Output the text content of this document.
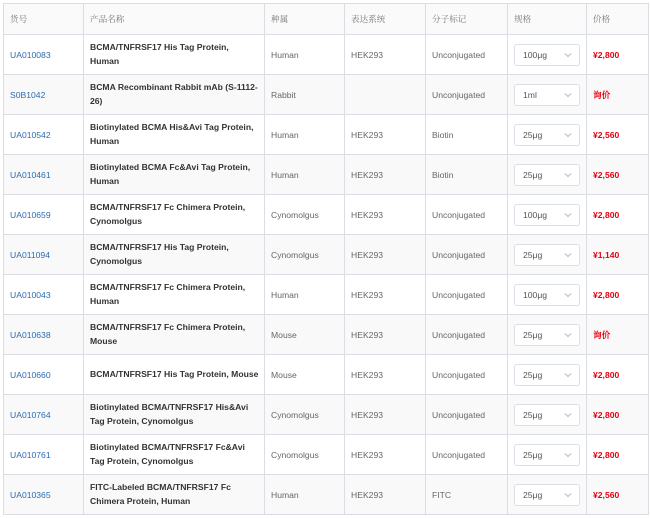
货号	产品名称	种属	表达系统	分子标记	规格	价格
UA010083	BCMA/TNFRSF17 His Tag Protein, Human	Human	HEK293	Unconjugated	100μg	¥2,800
S0B1042	BCMA Recombinant Rabbit mAb (S-1112-26)	Rabbit		Unconjugated	1ml	询价
UA010542	Biotinylated BCMA His&Avi Tag Protein, Human	Human	HEK293	Biotin	25μg	¥2,560
UA010461	Biotinylated BCMA Fc&Avi Tag Protein, Human	Human	HEK293	Biotin	25μg	¥2,560
UA010659	BCMA/TNFRSF17 Fc Chimera Protein, Cynomolgus	Cynomolgus	HEK293	Unconjugated	100μg	¥2,800
UA011094	BCMA/TNFRSF17 His Tag Protein, Cynomolgus	Cynomolgus	HEK293	Unconjugated	25μg	¥1,140
UA010043	BCMA/TNFRSF17 Fc Chimera Protein, Human	Human	HEK293	Unconjugated	100μg	¥2,800
UA010638	BCMA/TNFRSF17 Fc Chimera Protein, Mouse	Mouse	HEK293	Unconjugated	25μg	询价
UA010660	BCMA/TNFRSF17 His Tag Protein, Mouse	Mouse	HEK293	Unconjugated	25μg	¥2,800
UA010764	Biotinylated BCMA/TNFRSF17 His&Avi Tag Protein, Cynomolgus	Cynomolgus	HEK293	Unconjugated	25μg	¥2,800
UA010761	Biotinylated BCMA/TNFRSF17 Fc&Avi Tag Protein, Cynomolgus	Cynomolgus	HEK293	Unconjugated	25μg	¥2,800
UA010365	FITC-Labeled BCMA/TNFRSF17 Fc Chimera Protein, Human	Human	HEK293	FITC	25μg	¥2,560
